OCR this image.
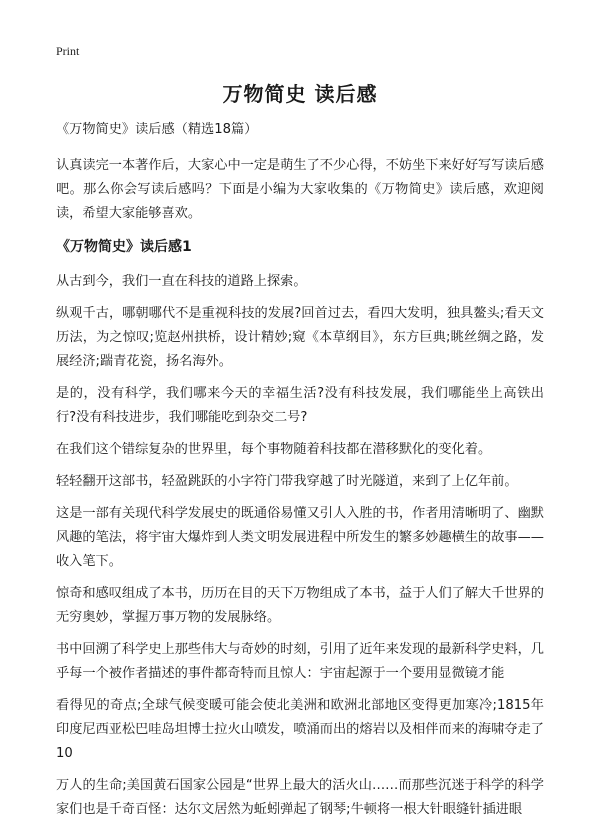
Print
万物简史 读后感
《万物简史》读后感（精选18篇）
认真读完一本著作后，大家心中一定是萌生了不少心得，不妨坐下来好好写写读后感吧。那么你会写读后感吗？下面是小编为大家收集的《万物简史》读后感，欢迎阅读，希望大家能够喜欢。
《万物简史》读后感1
从古到今，我们一直在科技的道路上探索。
纵观千古，哪朝哪代不是重视科技的发展?回首过去，看四大发明，独具鳌头;看天文历法，为之惊叹;览赵州拱桥，设计精妙;窥《本草纲目》，东方巨典;眺丝绸之路，发展经济;踹青花瓷，扬名海外。
是的，没有科学，我们哪来今天的幸福生活?没有科技发展，我们哪能坐上高铁出行?没有科技进步，我们哪能吃到杂交二号?
在我们这个错综复杂的世界里，每个事物随着科技都在潜移默化的变化着。
轻轻翻开这部书，轻盈跳跃的小字符门带我穿越了时光隧道，来到了上亿年前。
这是一部有关现代科学发展史的既通俗易懂又引人入胜的书，作者用清晰明了、幽默风趣的笔法，将宇宙大爆炸到人类文明发展进程中所发生的繁多妙趣横生的故事——收入笔下。
惊奇和感叹组成了本书，历历在目的天下万物组成了本书，益于人们了解大千世界的无穷奥妙，掌握万事万物的发展脉络。
书中回溯了科学史上那些伟大与奇妙的时刻，引用了近年来发现的最新科学史料，几乎每一个被作者描述的事件都奇特而且惊人：宇宙起源于一个要用显微镜才能
看得见的奇点;全球气候变暖可能会使北美洲和欧洲北部地区变得更加寒冷;1815年印度尼西亚松巴哇岛坦博士拉火山喷发，喷涌而出的熔岩以及相伴而来的海啸夺走了10
万人的生命;美国黄石国家公园是“世界上最大的活火山……而那些沉迷于科学的科学家们也是千奇百怪：达尔文居然为蚯蚓弹起了钢琴;牛顿将一根大针眼缝针插进眼
